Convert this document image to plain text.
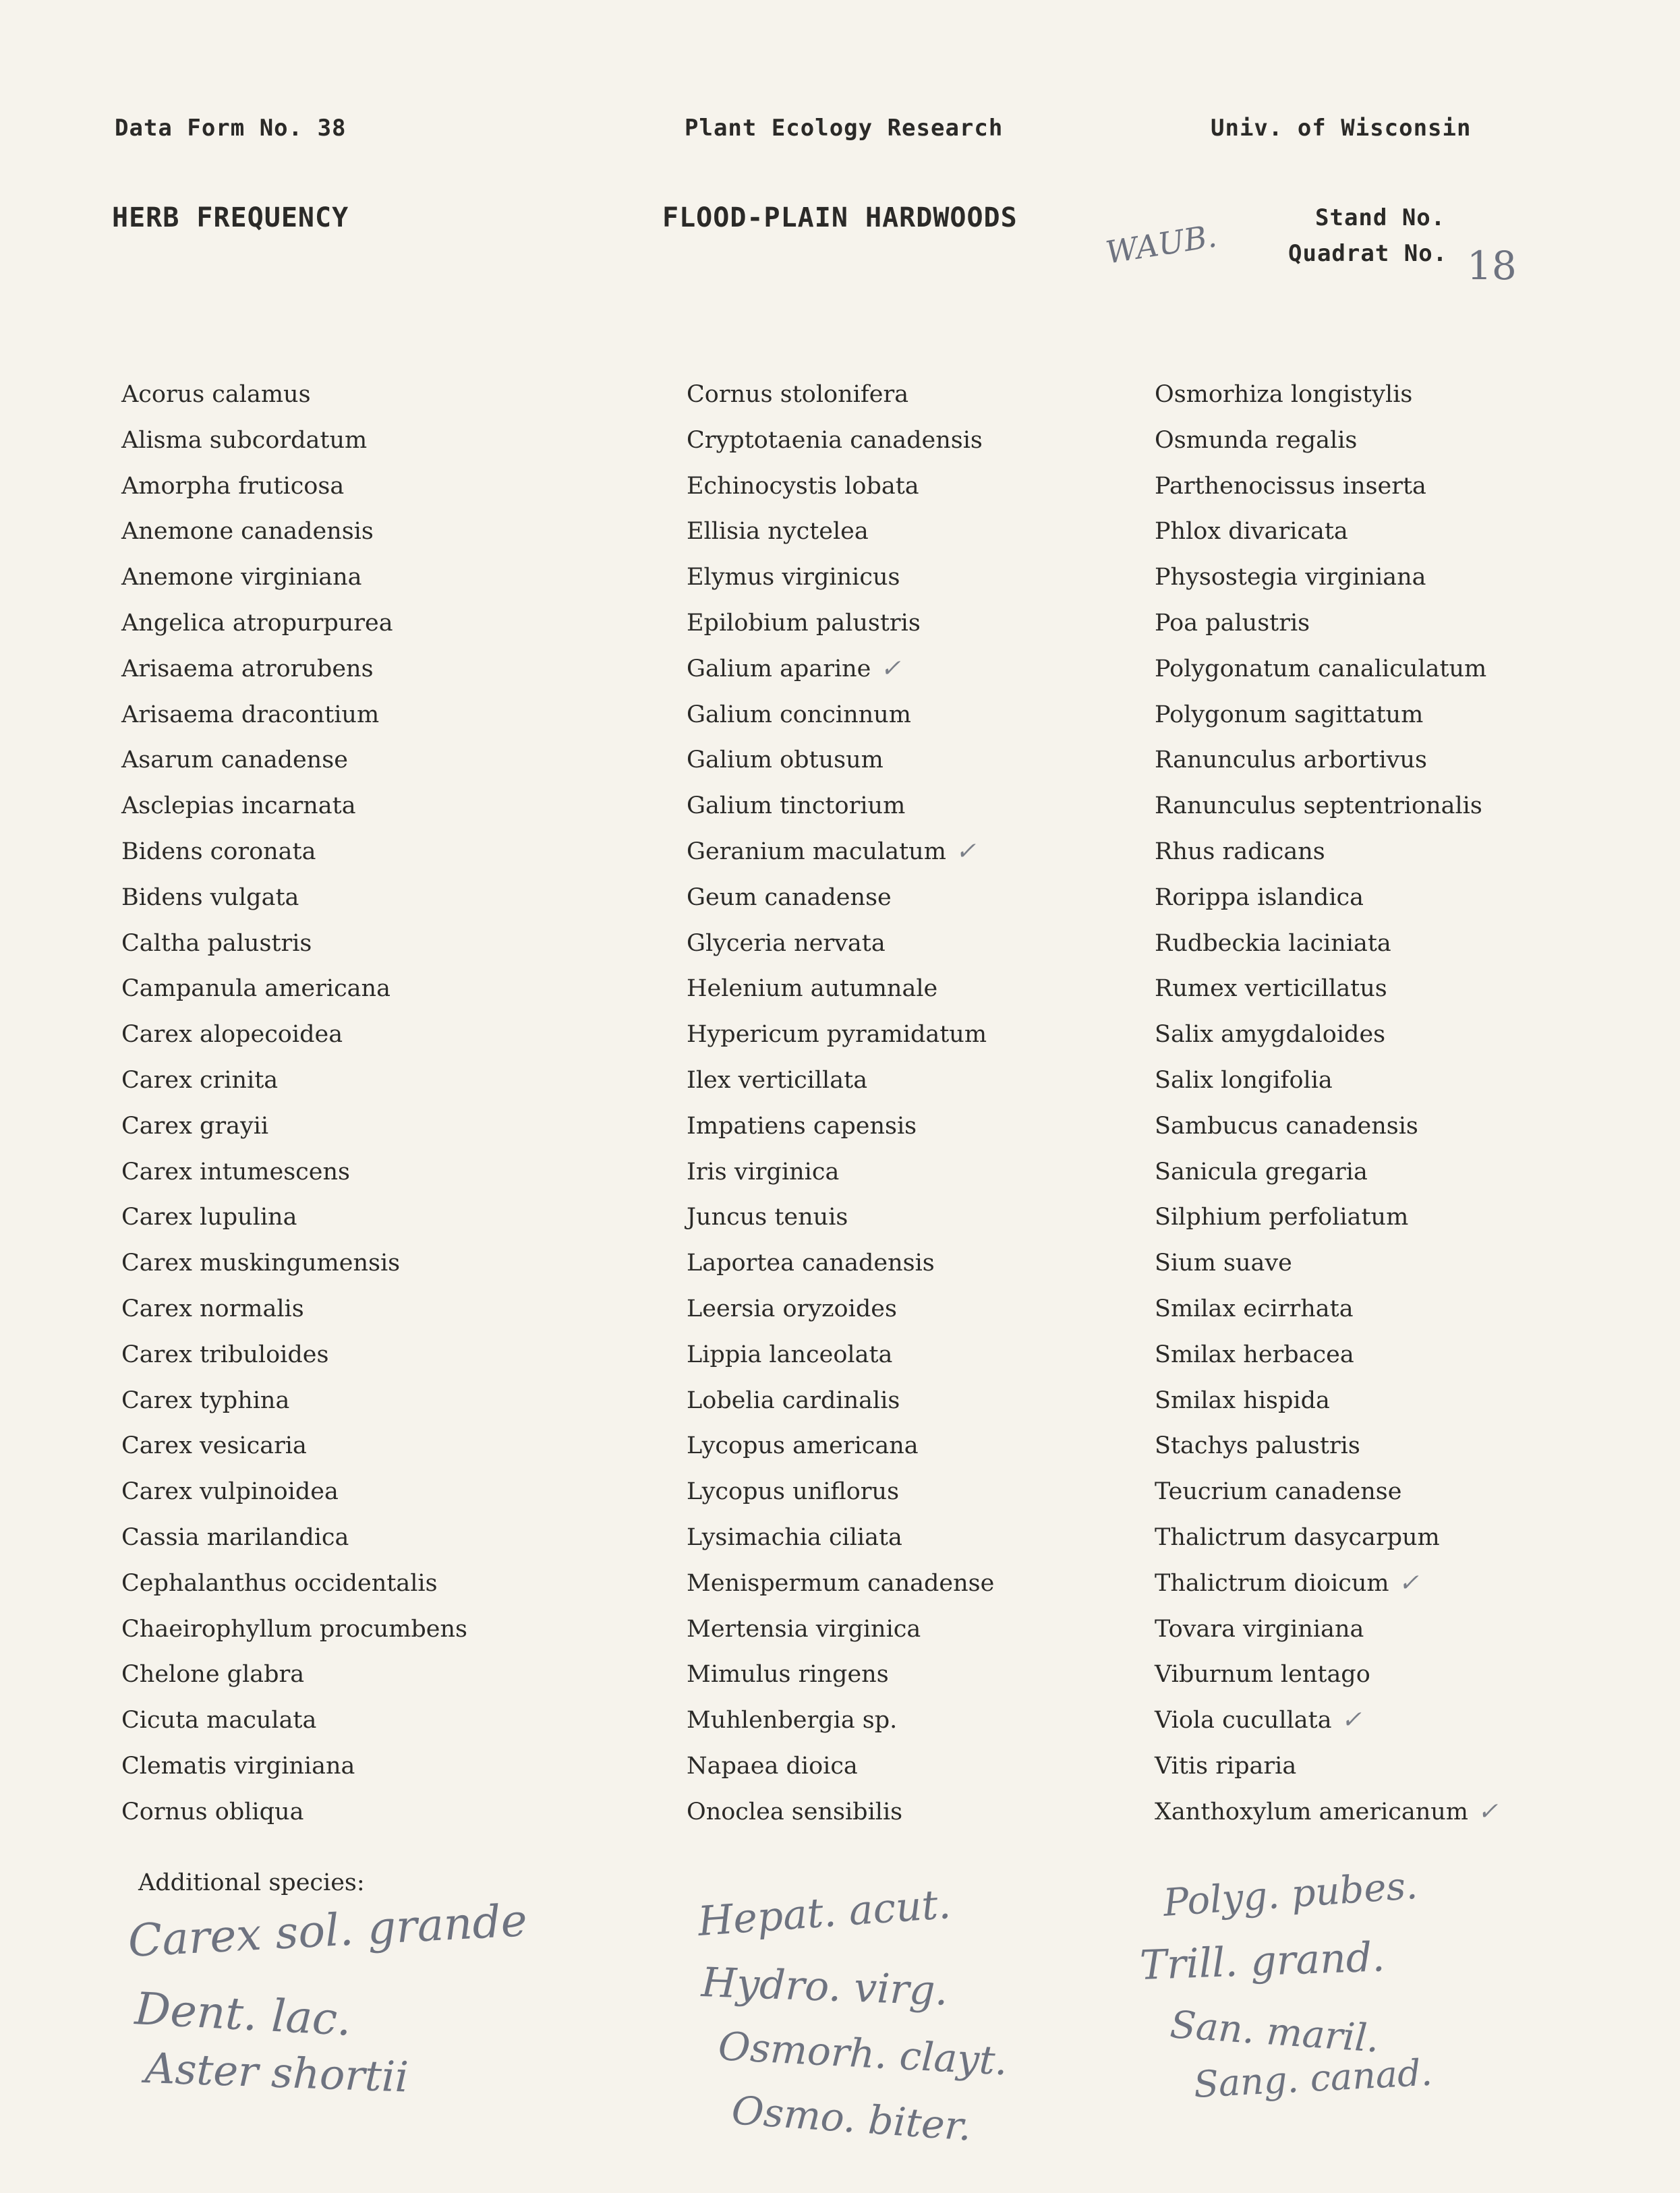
Data Form No. 38	Plant Ecology Research	Univ. of Wisconsin
HERB FREQUENCY	FLOOD-PLAIN HARDWOODS	Stand No.
Quadrat No.
WAUB.	18
Acorus calamus
Alisma subcordatum
Amorpha fruticosa
Anemone canadensis
Anemone virginiana
Angelica atropurpurea
Arisaema atrorubens
Arisaema dracontium
Asarum canadense
Asclepias incarnata
Bidens coronata
Bidens vulgata
Caltha palustris
Campanula americana
Carex alopecoidea
Carex crinita
Carex grayii
Carex intumescens
Carex lupulina
Carex muskingumensis
Carex normalis
Carex tribuloides
Carex typhina
Carex vesicaria
Carex vulpinoidea
Cassia marilandica
Cephalanthus occidentalis
Chaeirophyllum procumbens
Chelone glabra
Cicuta maculata
Clematis virginiana
Cornus obliqua
Cornus stolonifera
Cryptotaenia canadensis
Echinocystis lobata
Ellisia nyctelea
Elymus virginicus
Epilobium palustris
Galium aparine ✓
Galium concinnum
Galium obtusum
Galium tinctorium
Geranium maculatum ✓
Geum canadense
Glyceria nervata
Helenium autumnale
Hypericum pyramidatum
Ilex verticillata
Impatiens capensis
Iris virginica
Juncus tenuis
Laportea canadensis
Leersia oryzoides
Lippia lanceolata
Lobelia cardinalis
Lycopus americana
Lycopus uniflorus
Lysimachia ciliata
Menispermum canadense
Mertensia virginica
Mimulus ringens
Muhlenbergia sp.
Napaea dioica
Onoclea sensibilis
Osmorhiza longistylis
Osmunda regalis
Parthenocissus inserta
Phlox divaricata
Physostegia virginiana
Poa palustris
Polygonatum canaliculatum
Polygonum sagittatum
Ranunculus arbortivus
Ranunculus septentrionalis
Rhus radicans
Rorippa islandica
Rudbeckia laciniata
Rumex verticillatus
Salix amygdaloides
Salix longifolia
Sambucus canadensis
Sanicula gregaria
Silphium perfoliatum
Sium suave
Smilax ecirrhata
Smilax herbacea
Smilax hispida
Stachys palustris
Teucrium canadense
Thalictrum dasycarpum
Thalictrum dioicum ✓
Tovara virginiana
Viburnum lentago
Viola cucullata ✓
Vitis riparia
Xanthoxylum americanum ✓
Additional species:
Carex sol. grande
Dent. lac.
Aster shortii
Hepat. acut.
Hydro. virg.
Osmorh. clayt.
Osmo. biter.
Polyg. pubes.
Trill. grand.
San. maril.
Sang. canad.
